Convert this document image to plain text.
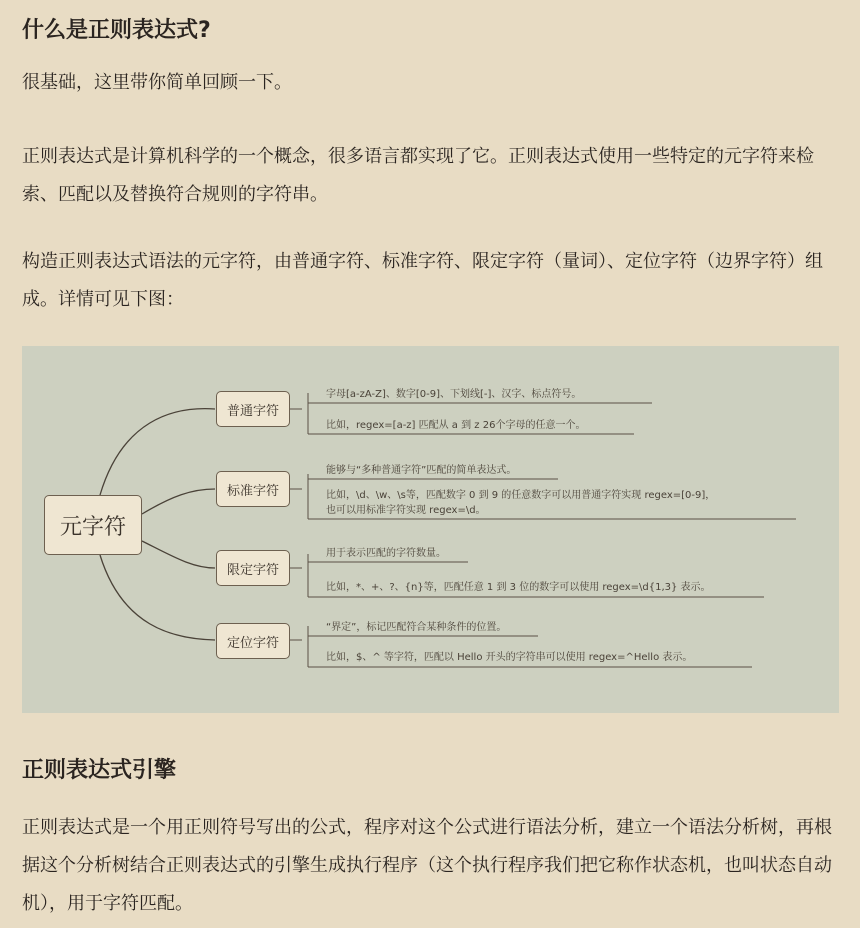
什么是正则表达式?

很基础，这里带你简单回顾一下。

正则表达式是计算机科学的一个概念，很多语言都实现了它。正则表达式使用一些特定的元字符来检索、匹配以及替换符合规则的字符串。

构造正则表达式语法的元字符，由普通字符、标准字符、限定字符（量词）、定位字符（边界字符）组成。详情可见下图：

元字符
普通字符
标准字符
限定字符
定位字符
字母[a-zA-Z]、数字[0-9]、下划线[-]、汉字、标点符号。
比如，regex=[a-z] 匹配从 a 到 z 26个字母的任意一个。
能够与“多种普通字符”匹配的简单表达式。
比如，\d、\w、\s等，匹配数字 0 到 9 的任意数字可以用普通字符实现 regex=[0-9]，
也可以用标准字符实现 regex=\d。
用于表示匹配的字符数量。
比如，*、+、?、{n}等，匹配任意 1 到 3 位的数字可以使用 regex=\d{1,3} 表示。
“界定”，标记匹配符合某种条件的位置。
比如，$、^ 等字符，匹配以 Hello 开头的字符串可以使用 regex=^Hello 表示。
正则表达式引擎

正则表达式是一个用正则符号写出的公式，程序对这个公式进行语法分析，建立一个语法分析树，再根据这个分析树结合正则表达式的引擎生成执行程序（这个执行程序我们把它称作状态机，也叫状态自动机），用于字符匹配。
